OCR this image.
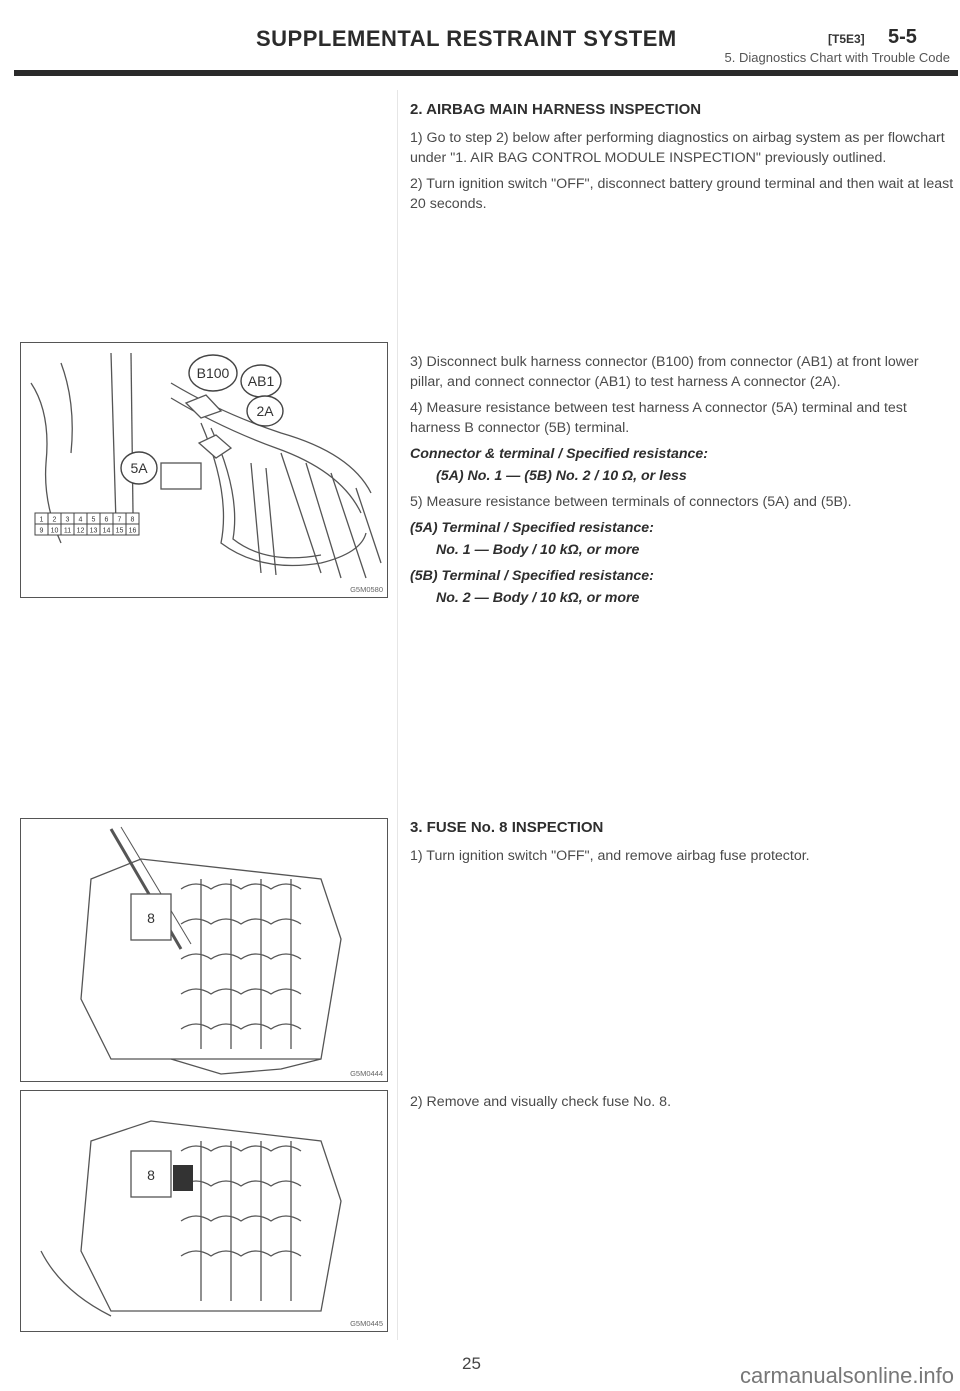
SUPPLEMENTAL RESTRAINT SYSTEM	[T5E3] 5-5
5. Diagnostics Chart with Trouble Code

2. AIRBAG MAIN HARNESS INSPECTION

1) Go to step 2) below after performing diagnostics on airbag system as per flowchart under "1. AIR BAG CONTROL MODULE INSPECTION" previously outlined.

2) Turn ignition switch "OFF", disconnect battery ground terminal and then wait at least 20 seconds.

3) Disconnect bulk harness connector (B100) from connector (AB1) at front lower pillar, and connect connector (AB1) to test harness A connector (2A).

4) Measure resistance between test harness A connector (5A) terminal and test harness B connector (5B) terminal.

Connector & terminal / Specified resistance:

(5A) No. 1 — (5B) No. 2 / 10 Ω, or less

5) Measure resistance between terminals of connectors (5A) and (5B).

(5A) Terminal / Specified resistance:

No. 1 — Body / 10 kΩ, or more

(5B) Terminal / Specified resistance:

No. 2 — Body / 10 kΩ, or more

3. FUSE No. 8 INSPECTION

1) Turn ignition switch "OFF", and remove airbag fuse protector.

2) Remove and visually check fuse No. 8.

B100 AB1
2A
5A
1 2 3 4 5 6 7 8
9 10 11 12 13 14 15 16
G5M0580
8
G5M0444
8
G5M0445
25	carmanualsonline.info
